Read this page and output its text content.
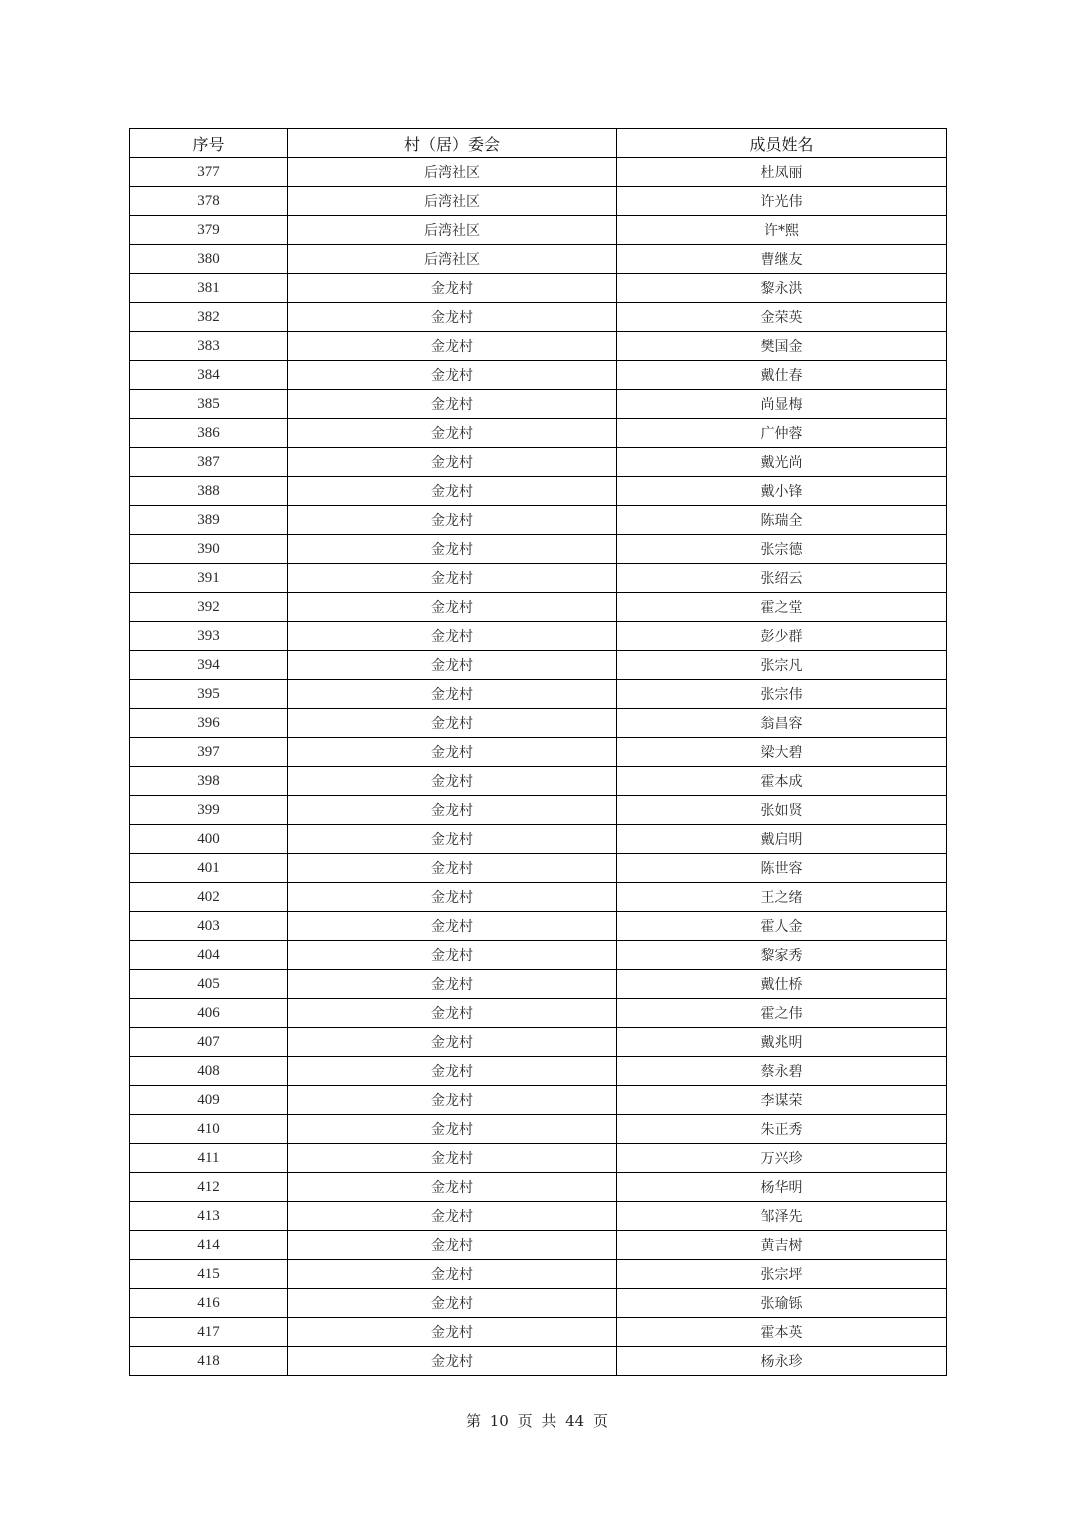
序号	村（居）委会	成员姓名
377	后湾社区	杜凤丽
378	后湾社区	许光伟
379	后湾社区	许*熙
380	后湾社区	曹继友
381	金龙村	黎永洪
382	金龙村	金荣英
383	金龙村	樊国金
384	金龙村	戴仕春
385	金龙村	尚显梅
386	金龙村	广仲蓉
387	金龙村	戴光尚
388	金龙村	戴小锋
389	金龙村	陈瑞全
390	金龙村	张宗德
391	金龙村	张绍云
392	金龙村	霍之堂
393	金龙村	彭少群
394	金龙村	张宗凡
395	金龙村	张宗伟
396	金龙村	翁昌容
397	金龙村	梁大碧
398	金龙村	霍本成
399	金龙村	张如贤
400	金龙村	戴启明
401	金龙村	陈世容
402	金龙村	王之绪
403	金龙村	霍人金
404	金龙村	黎家秀
405	金龙村	戴仕桥
406	金龙村	霍之伟
407	金龙村	戴兆明
408	金龙村	蔡永碧
409	金龙村	李谋荣
410	金龙村	朱正秀
411	金龙村	万兴珍
412	金龙村	杨华明
413	金龙村	邹泽先
414	金龙村	黄吉树
415	金龙村	张宗坪
416	金龙村	张瑜铄
417	金龙村	霍本英
418	金龙村	杨永珍
第 10 页 共 44 页
